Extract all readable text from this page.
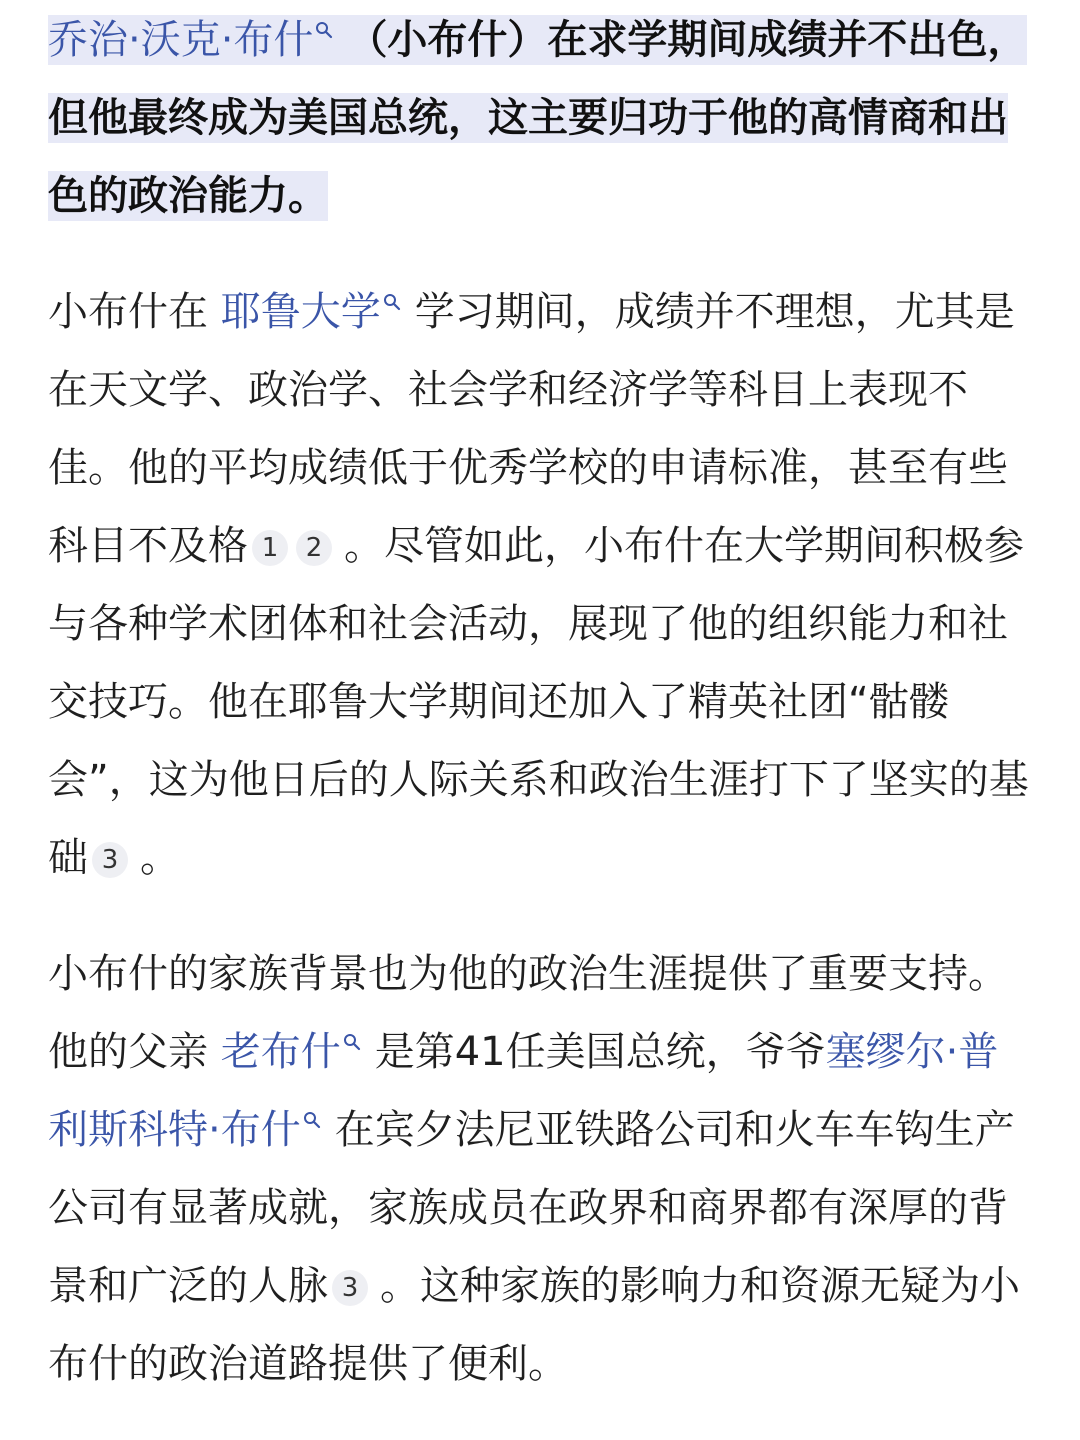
乔治·沃克·布什 （小布什）在求学期间成绩并不出色，但他最终成为美国总统，这主要归功于他的高情商和出色的政治能力。

小布什在 耶鲁大学 学习期间，成绩并不理想，尤其是在天文学、政治学、社会学和经济学等科目上表现不佳。他的平均成绩低于优秀学校的申请标准，甚至有些科目不及格 1 2 。尽管如此，小布什在大学期间积极参与各种学术团体和社会活动，展现了他的组织能力和社交技巧。他在耶鲁大学期间还加入了精英社团“骷髅会”，这为他日后的人际关系和政治生涯打下了坚实的基础 3 。

小布什的家族背景也为他的政治生涯提供了重要支持。他的父亲 老布什 是第41任美国总统，爷爷塞缪尔·普利斯科特·布什 在宾夕法尼亚铁路公司和火车车钩生产公司有显著成就，家族成员在政界和商界都有深厚的背景和广泛的人脉 3 。这种家族的影响力和资源无疑为小布什的政治道路提供了便利。
